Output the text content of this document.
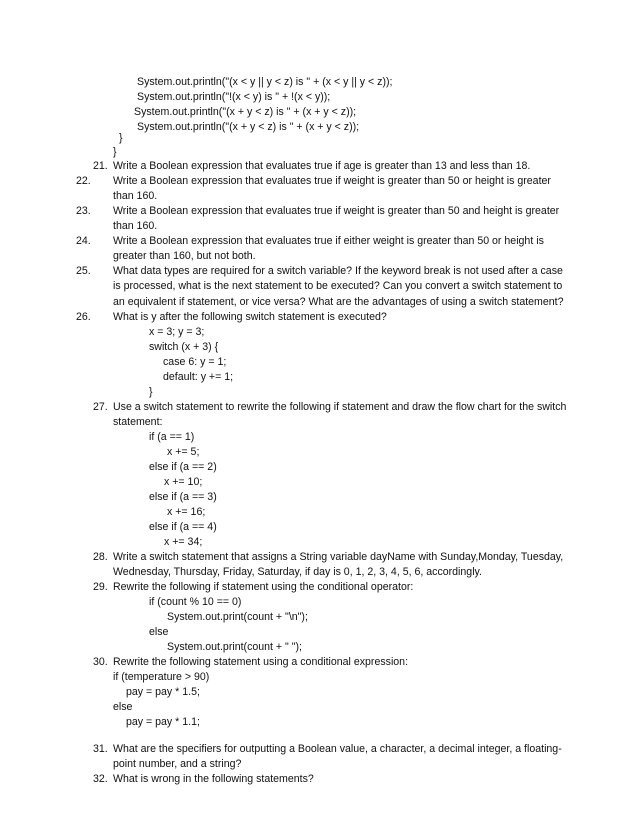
System.out.println("(x < y || y < z) is " + (x < y || y < z));
System.out.println("!(x < y) is " + !(x < y));
System.out.println("(x + y < z) is " + (x + y < z));
System.out.println("(x + y < z) is " + (x + y < z));
}
}
21. Write a Boolean expression that evaluates true if age is greater than 13 and less than 18.
22. Write a Boolean expression that evaluates true if weight is greater than 50 or height is greater than 160.
23. Write a Boolean expression that evaluates true if weight is greater than 50 and height is greater than 160.
24. Write a Boolean expression that evaluates true if either weight is greater than 50 or height is greater than 160, but not both.
25. What data types are required for a switch variable? If the keyword break is not used after a case is processed, what is the next statement to be executed? Can you convert a switch statement to an equivalent if statement, or vice versa? What are the advantages of using a switch statement?
26. What is y after the following switch statement is executed?
x = 3; y = 3;
switch (x + 3) {
case 6: y = 1;
default: y += 1;
}
27. Use a switch statement to rewrite the following if statement and draw the flow chart for the switch statement:
if (a == 1)
x += 5;
else if (a == 2)
x += 10;
else if (a == 3)
x += 16;
else if (a == 4)
x += 34;
28. Write a switch statement that assigns a String variable dayName with Sunday,Monday, Tuesday, Wednesday, Thursday, Friday, Saturday, if day is 0, 1, 2, 3, 4, 5, 6, accordingly.
29. Rewrite the following if statement using the conditional operator:
if (count % 10 == 0)
System.out.print(count + "\n");
else
System.out.print(count + " ");
30. Rewrite the following statement using a conditional expression:
if (temperature > 90)
pay = pay * 1.5;
else
pay = pay * 1.1;
31. What are the specifiers for outputting a Boolean value, a character, a decimal integer, a floating-point number, and a string?
32. What is wrong in the following statements?
